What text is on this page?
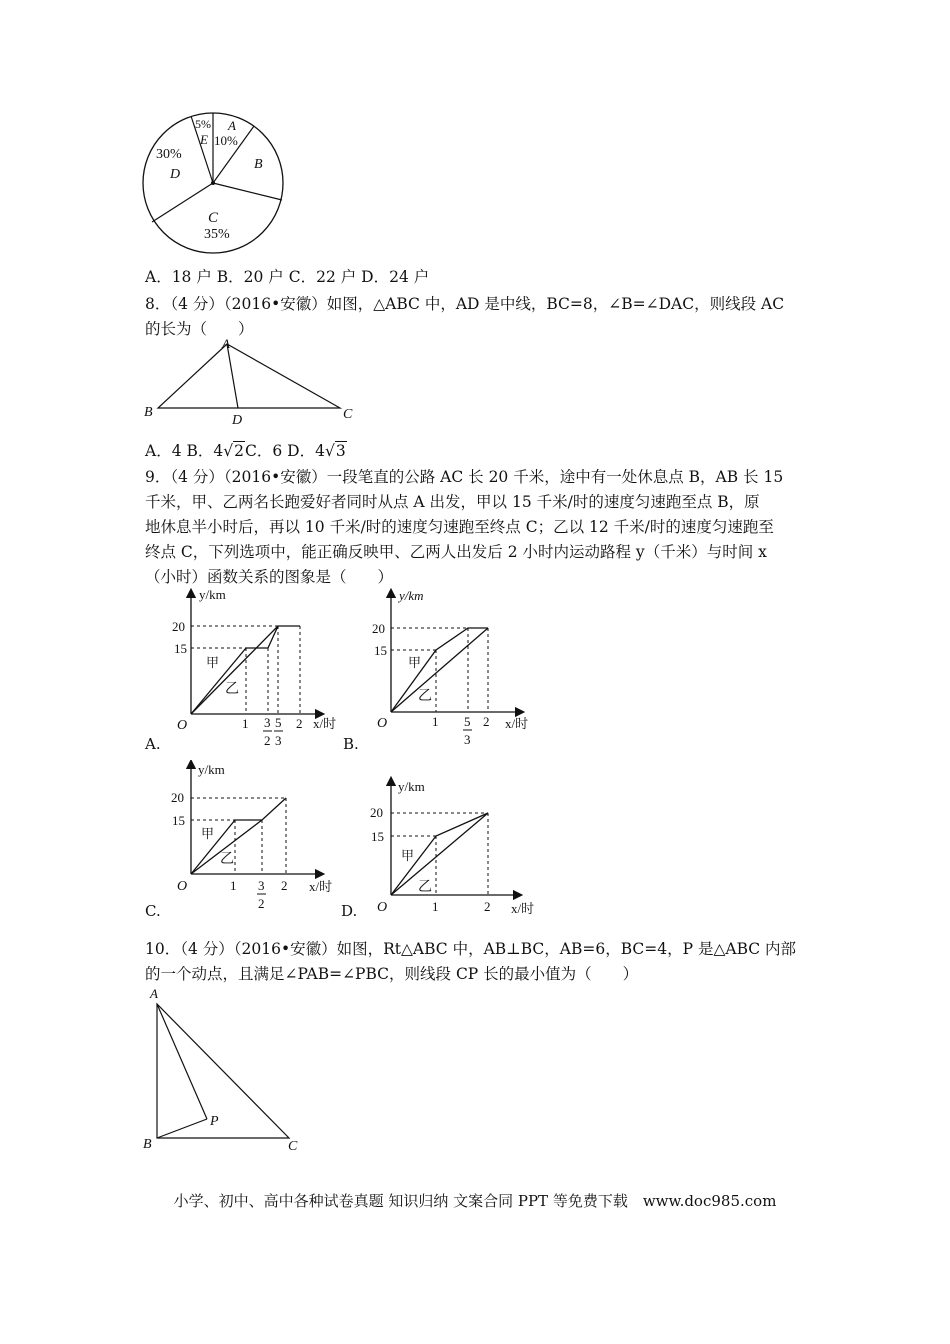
5%
E
A
10%
B
30%
D
C
35%
A．18 户 B．20 户 C．22 户 D．24 户
8．（4 分）（2016•安徽）如图，△ABC 中，AD 是中线，BC=8，∠B=∠DAC，则线段 AC
的长为（　　）
A
B
D	C
A．4 B．4√2C．6 D．4√3
9．（4 分）（2016•安徽）一段笔直的公路 AC 长 20 千米，途中有一处休息点 B，AB 长 15
千米，甲、乙两名长跑爱好者同时从点 A 出发，甲以 15 千米/时的速度匀速跑至点 B，原
地休息半小时后，再以 10 千米/时的速度匀速跑至终点 C；乙以 12 千米/时的速度匀速跑至
终点 C，下列选项中，能正确反映甲、乙两人出发后 2 小时内运动路程 y（千米）与时间 x
（小时）函数关系的图象是（　　）
y/km
x/时
O
20
15
甲
乙
1 3
2
5
3
2
A.
y/km
x/时
O
20
15
甲
乙
1 5
3
2
B.
y/km
x/时
O
20
15
甲
乙
1 3
2
2
C.
y/km
x/时
O
20
15
甲
乙
1	2
D.
10．（4 分）（2016•安徽）如图，Rt△ABC 中，AB⊥BC，AB=6，BC=4，P 是△ABC 内部
的一个动点，且满足∠PAB=∠PBC，则线段 CP 长的最小值为（　　）
A
B	C
P
小学、初中、高中各种试卷真题 知识归纳 文案合同 PPT 等免费下载　www.doc985.com
